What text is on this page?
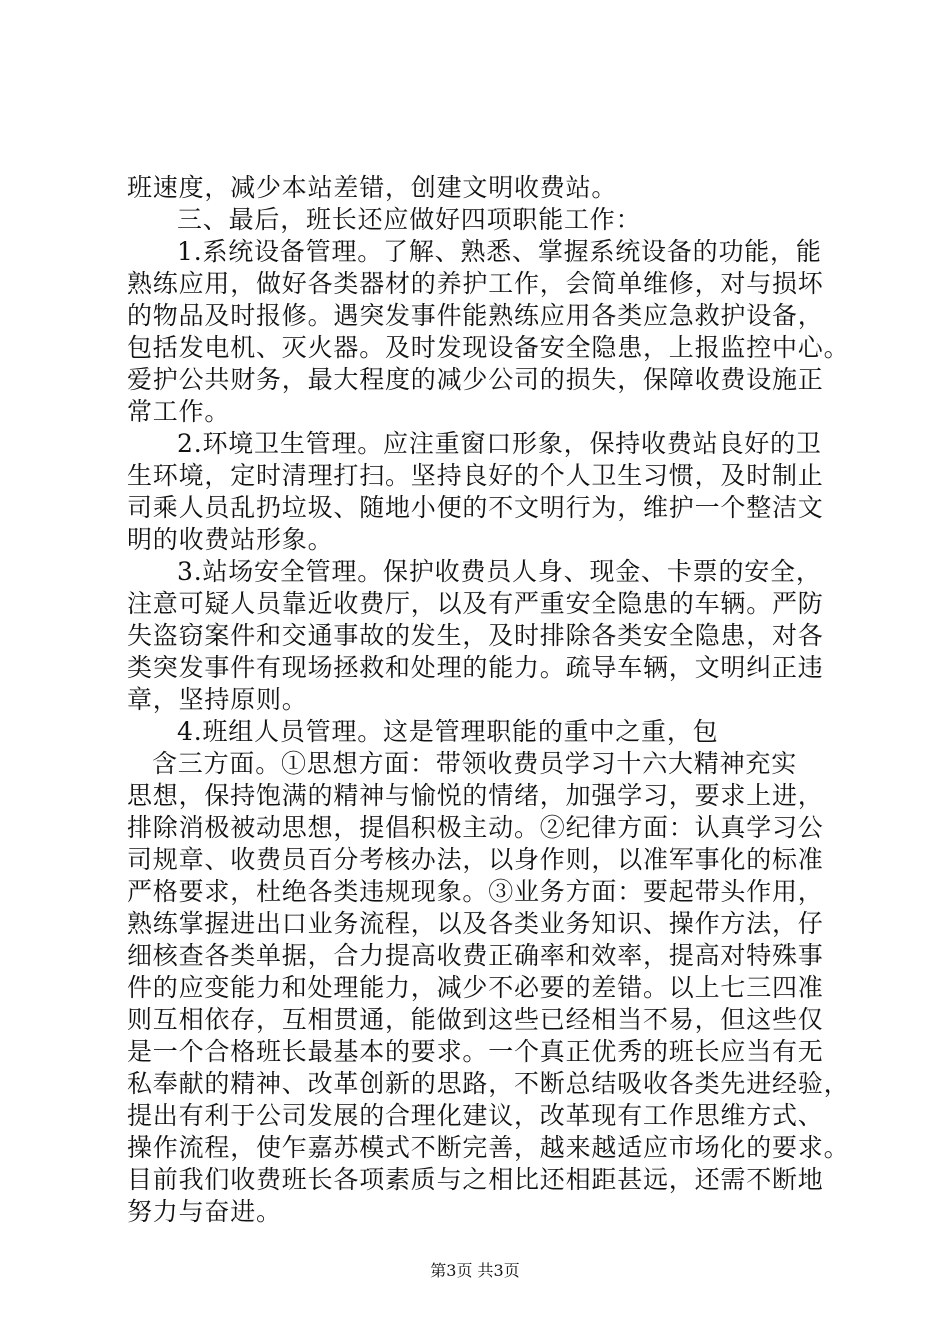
班速度，减少本站差错，创建文明收费站。
三、最后，班长还应做好四项职能工作：
1.系统设备管理。了解、熟悉、掌握系统设备的功能，能
熟练应用，做好各类器材的养护工作，会简单维修，对与损坏
的物品及时报修。遇突发事件能熟练应用各类应急救护设备，
包括发电机、灭火器。及时发现设备安全隐患，上报监控中心。
爱护公共财务，最大程度的减少公司的损失，保障收费设施正
常工作。
2.环境卫生管理。应注重窗口形象，保持收费站良好的卫
生环境，定时清理打扫。坚持良好的个人卫生习惯，及时制止
司乘人员乱扔垃圾、随地小便的不文明行为，维护一个整洁文
明的收费站形象。
3.站场安全管理。保护收费员人身、现金、卡票的安全，
注意可疑人员靠近收费厅，以及有严重安全隐患的车辆。严防
失盗窃案件和交通事故的发生，及时排除各类安全隐患，对各
类突发事件有现场拯救和处理的能力。疏导车辆，文明纠正违
章，坚持原则。
4.班组人员管理。这是管理职能的重中之重，包
含三方面。①思想方面：带领收费员学习十六大精神充实
思想，保持饱满的精神与愉悦的情绪，加强学习，要求上进，
排除消极被动思想，提倡积极主动。②纪律方面：认真学习公
司规章、收费员百分考核办法，以身作则，以准军事化的标准
严格要求，杜绝各类违规现象。③业务方面：要起带头作用，
熟练掌握进出口业务流程，以及各类业务知识、操作方法，仔
细核查各类单据，合力提高收费正确率和效率，提高对特殊事
件的应变能力和处理能力，减少不必要的差错。以上七三四准
则互相依存，互相贯通，能做到这些已经相当不易，但这些仅
是一个合格班长最基本的要求。一个真正优秀的班长应当有无
私奉献的精神、改革创新的思路，不断总结吸收各类先进经验，
提出有利于公司发展的合理化建议，改革现有工作思维方式、
操作流程，使乍嘉苏模式不断完善，越来越适应市场化的要求。
目前我们收费班长各项素质与之相比还相距甚远，还需不断地
努力与奋进。
第3页 共3页
